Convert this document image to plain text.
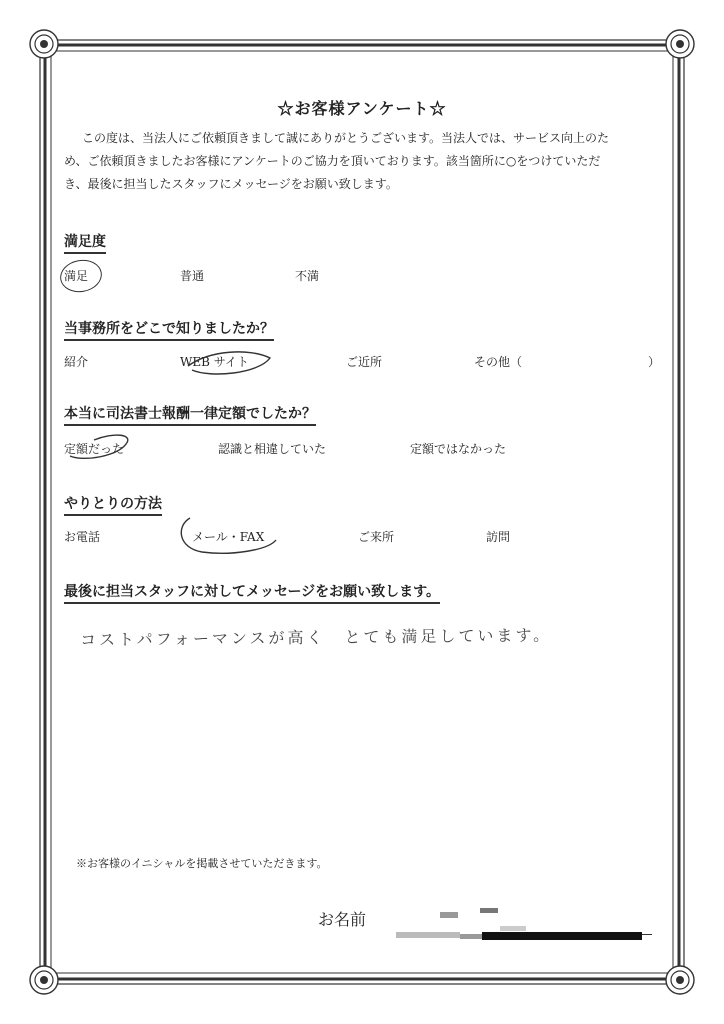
☆お客様アンケート☆

この度は、当法人にご依頼頂きまして誠にありがとうございます。当法人では、サービス向上のた

め、ご依頼頂きましたお客様にアンケートのご協力を頂いております。該当箇所に○をつけていただ

き、最後に担当したスタッフにメッセージをお願い致します。

満足度
満足	普通	不満
当事務所をどこで知りましたか？
紹介	WEB サイト	ご近所	その他（	）
本当に司法書士報酬一律定額でしたか？
定額だった	認識と相違していた	定額ではなかった
やりとりの方法
お電話	メール・FAX	ご来所	訪問
最後に担当スタッフに対してメッセージをお願い致します。
コストパフォーマンスが高く　とても満足しています。
※お客様のイニシャルを掲載させていただきます。
お名前
